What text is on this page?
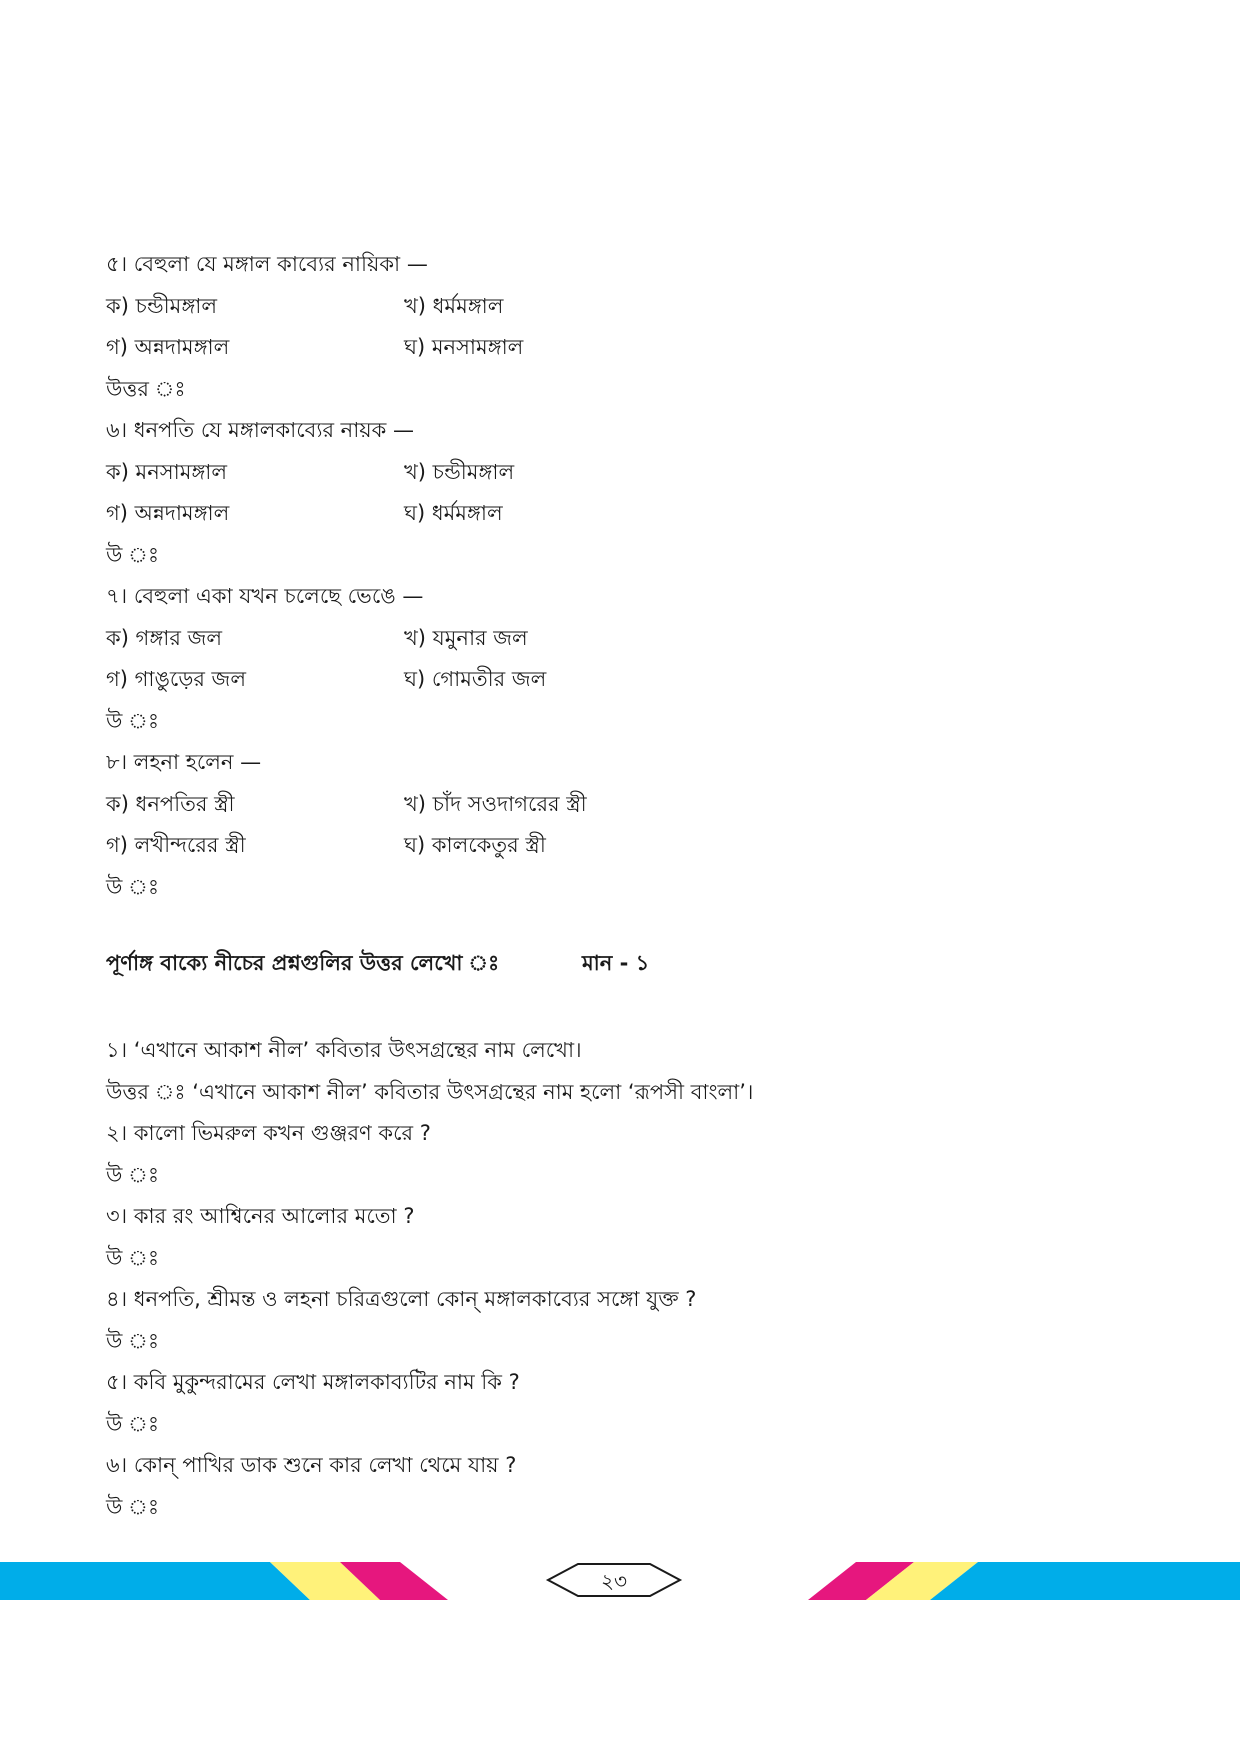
৫। বেহুলা যে মঙ্গাল কাব্যের নায়িকা —
ক) চন্ডীমঙ্গাল	খ) ধর্মমঙ্গাল
গ) অন্নদামঙ্গাল	ঘ) মনসামঙ্গাল
উত্তর ঃ
৬। ধনপতি যে মঙ্গালকাব্যের নায়ক —
ক) মনসামঙ্গাল	খ) চন্ডীমঙ্গাল
গ) অন্নদামঙ্গাল	ঘ) ধর্মমঙ্গাল
উ ঃ
৭। বেহুলা একা যখন চলেছে ভেঙে —
ক) গঙ্গার জল	খ) যমুনার জল
গ) গাঙুড়ের জল	ঘ) গোমতীর জল
উ ঃ
৮। লহনা হলেন —
ক) ধনপতির স্ত্রী	খ) চাঁদ সওদাগরের স্ত্রী
গ) লখীন্দরের স্ত্রী	ঘ) কালকেতুর স্ত্রী
উ ঃ
পূর্ণাঙ্গ বাক্যে নীচের প্রশ্নগুলির উত্তর লেখো ঃ	মান - ১
১। ‘এখানে আকাশ নীল’ কবিতার উৎসগ্রন্থের নাম লেখো।
উত্তর ঃ ‘এখানে আকাশ নীল’ কবিতার উৎসগ্রন্থের নাম হলো ‘রূপসী বাংলা’।
২। কালো ভিমরুল কখন গুঞ্জরণ করে ?
উ ঃ
৩। কার রং আশ্বিনের আলোর মতো ?
উ ঃ
৪। ধনপতি, শ্রীমন্ত ও লহনা চরিত্রগুলো কোন্ মঙ্গালকাব্যের সঙ্গো যুক্ত ?
উ ঃ
৫। কবি মুকুন্দরামের লেখা মঙ্গালকাব্যটির নাম কি ?
উ ঃ
৬। কোন্ পাখির ডাক শুনে কার লেখা থেমে যায় ?
উ ঃ
২৩
